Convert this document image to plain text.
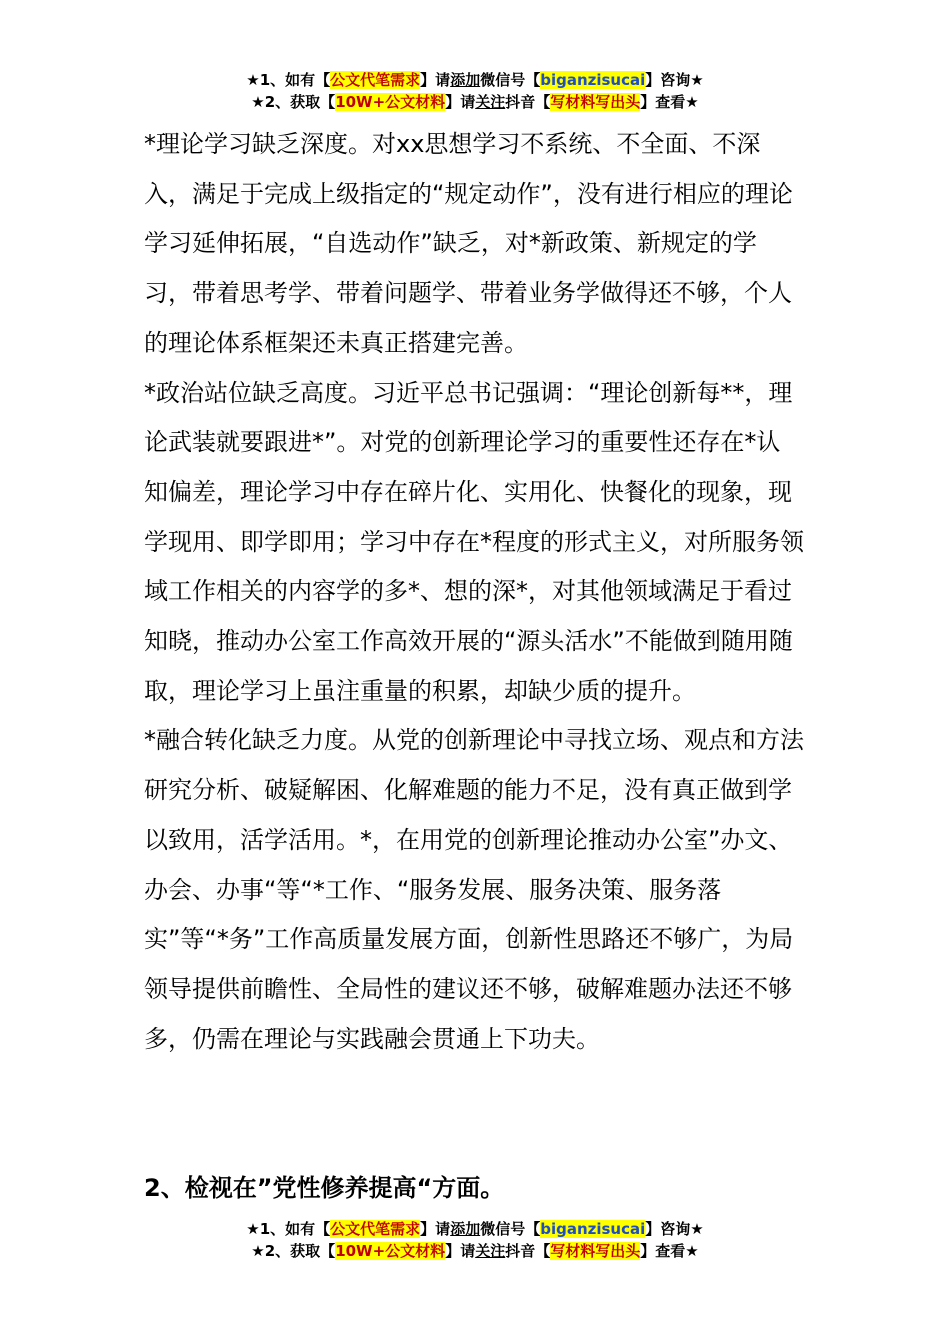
★1、如有【公文代笔需求】请添加微信号【biganzisucai】咨询★
★2、获取【10W+公文材料】请关注抖音【写材料写出头】查看★

*理论学习缺乏深度。对xx思想学习不系统、不全面、不深入，满足于完成上级指定的“规定动作”，没有进行相应的理论学习延伸拓展，“自选动作”缺乏，对*新政策、新规定的学习，带着思考学、带着问题学、带着业务学做得还不够，个人的理论体系框架还未真正搭建完善。

*政治站位缺乏高度。习近平总书记强调：“理论创新每**，理论武装就要跟进*”。对党的创新理论学习的重要性还存在*认知偏差，理论学习中存在碎片化、实用化、快餐化的现象，现学现用、即学即用；学习中存在*程度的形式主义，对所服务领域工作相关的内容学的多*、想的深*，对其他领域满足于看过知晓，推动办公室工作高效开展的“源头活水”不能做到随用随取，理论学习上虽注重量的积累，却缺少质的提升。

*融合转化缺乏力度。从党的创新理论中寻找立场、观点和方法研究分析、破疑解困、化解难题的能力不足，没有真正做到学以致用，活学活用。*，在用党的创新理论推动办公室”办文、办会、办事“等“*工作、“服务发展、服务决策、服务落实”等“*务”工作高质量发展方面，创新性思路还不够广，为局领导提供前瞻性、全局性的建议还不够，破解难题办法还不够多，仍需在理论与实践融会贯通上下功夫。

2、检视在”党性修养提高“方面。
★1、如有【公文代笔需求】请添加微信号【biganzisucai】咨询★
★2、获取【10W+公文材料】请关注抖音【写材料写出头】查看★
